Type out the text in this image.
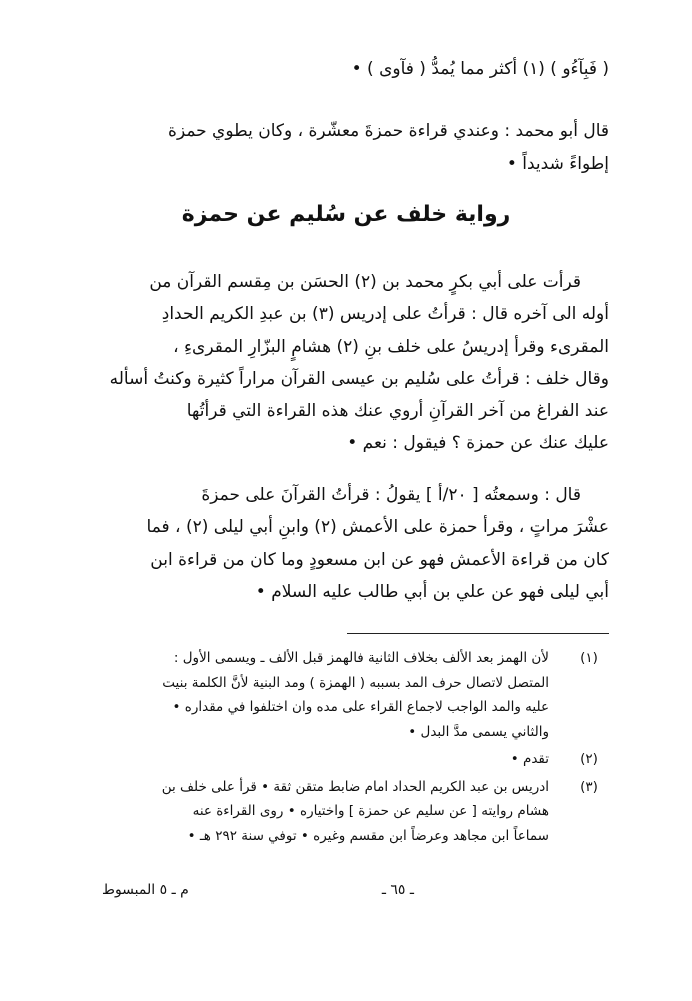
( فَبِآءُو ) (١) أكثر مما يُمدُّ ( فآوى ) •
قال أبو محمد : وعندي قراءة حمزةَ معشّرة ، وكان يطوي حمزة
إطواءً شديداً •
رواية خلف عن سُليم عن حمزة
قرأت على أبي بكرٍ محمد بن (٢) الحسَن بن مِقسم القرآن من
أوله الى آخره قال : قرأتُ على إدريس (٣) بن عبدِ الكريم الحدادِ
المقرىء وقرأ إدريسُ على خلف بنِ (٢) هشامٍ البزّارِ المقرىءِ ،
وقال خلف : قرأتُ على سُليم بن عيسى القرآن مراراً كثيرة وكنتُ أسأله
عند الفراغ من آخر القرآنِ أروي عنك هذه القراءة التي قرأتُها
عليك عنك عن حمزة ؟ فيقول : نعم •
قال : وسمعتُه [ ٢٠/أ ] يقولُ : قرأتُ القرآنَ على حمزةَ
عشْرَ مراتٍ ، وقرأ حمزة على الأعمش (٢) وابنِ أبي ليلى (٢) ، فما
كان من قراءة الأعمش فهو عن ابن مسعودٍ وما كان من قراءة ابن
أبي ليلى فهو عن علي بن أبي طالب عليه السلام •
(١)
لأن الهمز بعد الألف بخلاف الثانية فالهمز قبل الألف ـ ويسمى الأول :
المتصل لاتصال حرف المد بسببه ( الهمزة ) ومد البنية لأنَّ الكلمة بنيت
عليه والمد الواجب لاجماع القراء على مده وان اختلفوا في مقداره •
والثاني يسمى مدَّ البدل •
(٢)
تقدم •
(٣)
ادريس بن عبد الكريم الحداد امام ضابط متقن ثقة • قرأ على خلف بن
هشام روايته [ عن سليم عن حمزة ] واختياره • روى القراءة عنه
سماعاً ابن مجاهد وعرضاً ابن مقسم وغيره • توفي سنة ٢٩٢ هـ •
ـ ٦٥ ـ
م ـ ٥ المبسوط
